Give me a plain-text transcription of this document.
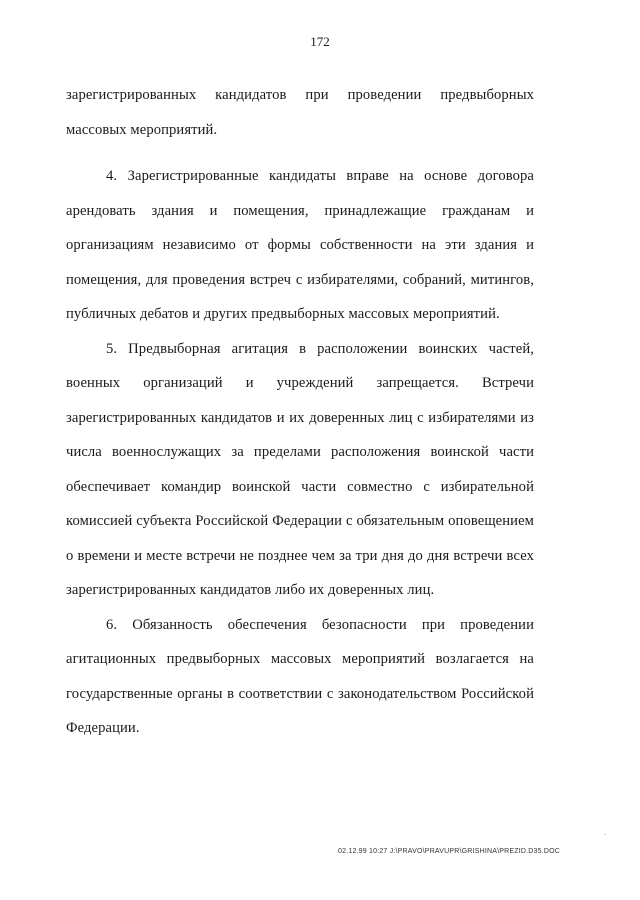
172

зарегистрированных кандидатов при проведении предвыборных массовых мероприятий.

4. Зарегистрированные кандидаты вправе на основе договора арендовать здания и помещения, принадлежащие гражданам и организациям независимо от формы собственности на эти здания и помещения, для проведения встреч с избирателями, собраний, митингов, публичных дебатов и других предвыборных массовых мероприятий.

5. Предвыборная агитация в расположении воинских частей, военных организаций и учреждений запрещается. Встречи зарегистрированных кандидатов и их доверенных лиц с избирателями из числа военнослужащих за пределами расположения воинской части обеспечивает командир воинской части совместно с избирательной комиссией субъекта Российской Федерации с обязательным оповещением о времени и месте встречи не позднее чем за три дня до дня встречи всех зарегистрированных кандидатов либо их доверенных лиц.

6. Обязанность обеспечения безопасности при проведении агитационных предвыборных массовых мероприятий возлагается на государственные органы в соответствии с законодательством Российской Федерации.

02.12.99 10:27 J:\PRAVO\PRAVUPR\GRISHINA\PREZID.D35.DOC
.
